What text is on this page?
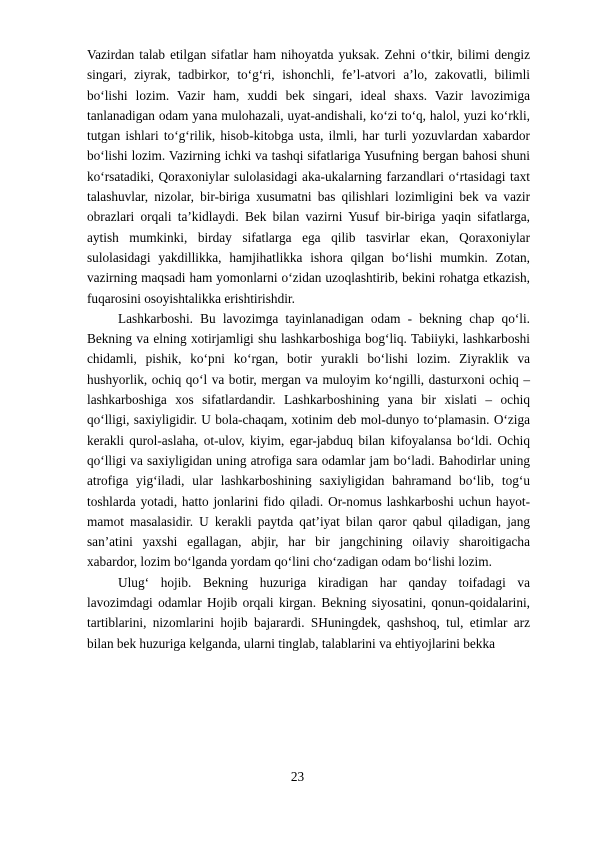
Vazirdan talab etilgan sifatlar ham nihoyatda yuksak. Zehni o‘tkir, bilimi dengiz singari, ziyrak, tadbirkor, to‘g‘ri, ishonchli, fe’l-atvori a’lo, zakovatli, bilimli bo‘lishi lozim. Vazir ham, xuddi bek singari, ideal shaxs. Vazir lavozimiga tanlanadigan odam yana mulohazali, uyat-andishali, ko‘zi to‘q, halol, yuzi ko‘rkli, tutgan ishlari to‘g‘rilik, hisob-kitobga usta, ilmli, har turli yozuvlardan xabardor bo‘lishi lozim. Vazirning ichki va tashqi sifatlariga Yusufning bergan bahosi shuni ko‘rsatadiki, Qoraxoniylar sulolasidagi aka-ukalarning farzandlari o‘rtasidagi taxt talashuvlar, nizolar, bir-biriga xusumatni bas qilishlari lozimligini bek va vazir obrazlari orqali ta’kidlaydi. Bek bilan vazirni Yusuf bir-biriga yaqin sifatlarga, aytish mumkinki, birday sifatlarga ega qilib tasvirlar ekan, Qoraxoniylar sulolasidagi yakdillikka, hamjihatlikka ishora qilgan bo‘lishi mumkin. Zotan, vazirning maqsadi ham yomonlarni o‘zidan uzoqlashtirib, bekini rohatga etkazish, fuqarosini osoyishtalikka erishtirishdir.

Lashkarboshi. Bu lavozimga tayinlanadigan odam - bekning chap qo‘li. Bekning va elning xotirjamligi shu lashkarboshiga bog‘liq. Tabiiyki, lashkarboshi chidamli, pishik, ko‘pni ko‘rgan, botir yurakli bo‘lishi lozim. Ziyraklik va hushyorlik, ochiq qo‘l va botir, mergan va muloyim ko‘ngilli, dasturxoni ochiq – lashkarboshiga xos sifatlardandir. Lashkarboshining yana bir xislati – ochiq qo‘lligi, saxiyligidir. U bola-chaqam, xotinim deb mol-dunyo to‘plamasin. O‘ziga kerakli qurol-aslaha, ot-ulov, kiyim, egar-jabduq bilan kifoyalansa bo‘ldi. Ochiq qo‘lligi va saxiyligidan uning atrofiga sara odamlar jam bo‘ladi. Bahodirlar uning atrofiga yig‘iladi, ular lashkarboshining saxiyligidan bahramand bo‘lib, tog‘u toshlarda yotadi, hatto jonlarini fido qiladi. Or-nomus lashkarboshi uchun hayot-mamot masalasidir. U kerakli paytda qat’iyat bilan qaror qabul qiladigan, jang san’atini yaxshi egallagan, abjir, har bir jangchining oilaviy sharoitigacha xabardor, lozim bo‘lganda yordam qo‘lini cho‘zadigan odam bo‘lishi lozim.

Ulug‘ hojib. Bekning huzuriga kiradigan har qanday toifadagi va lavozimdagi odamlar Hojib orqali kirgan. Bekning siyosatini, qonun-qoidalarini, tartiblarini, nizomlarini hojib bajarardi. SHuningdek, qashshoq, tul, etimlar arz bilan bek huzuriga kelganda, ularni tinglab, talablarini va ehtiyojlarini bekka

23
